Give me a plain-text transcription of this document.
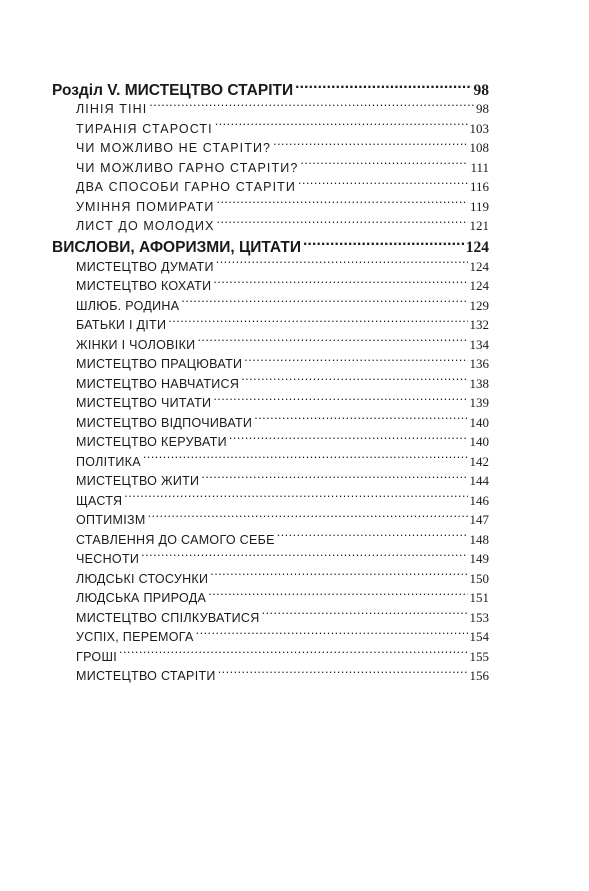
Розділ V. МИСТЕЦТВО СТАРІТИ .....	98
ЛІНІЯ ТІНІ .....	98
ТИРАНІЯ СТАРОСТІ .....	103
ЧИ МОЖЛИВО НЕ СТАРІТИ? .....	108
ЧИ МОЖЛИВО ГАРНО СТАРІТИ? .....	111
ДВА СПОСОБИ ГАРНО СТАРІТИ .....	116
УМІННЯ ПОМИРАТИ .....	119
ЛИСТ ДО МОЛОДИХ .....	121
ВИСЛОВИ, АФОРИЗМИ, ЦИТАТИ .....	124
МИСТЕЦТВО ДУМАТИ .....	124
МИСТЕЦТВО КОХАТИ .....	124
ШЛЮБ. РОДИНА .....	129
БАТЬКИ І ДІТИ .....	132
ЖІНКИ І ЧОЛОВІКИ .....	134
МИСТЕЦТВО ПРАЦЮВАТИ .....	136
МИСТЕЦТВО НАВЧАТИСЯ .....	138
МИСТЕЦТВО ЧИТАТИ .....	139
МИСТЕЦТВО ВІДПОЧИВАТИ .....	140
МИСТЕЦТВО КЕРУВАТИ .....	140
ПОЛІТИКА .....	142
МИСТЕЦТВО ЖИТИ .....	144
ЩАСТЯ .....	146
ОПТИМІЗМ .....	147
СТАВЛЕННЯ ДО САМОГО СЕБЕ .....	148
ЧЕСНОТИ .....	149
ЛЮДСЬКІ СТОСУНКИ .....	150
ЛЮДСЬКА ПРИРОДА .....	151
МИСТЕЦТВО СПІЛКУВАТИСЯ .....	153
УСПІХ, ПЕРЕМОГА .....	154
ГРОШІ .....	155
МИСТЕЦТВО СТАРІТИ .....	156
